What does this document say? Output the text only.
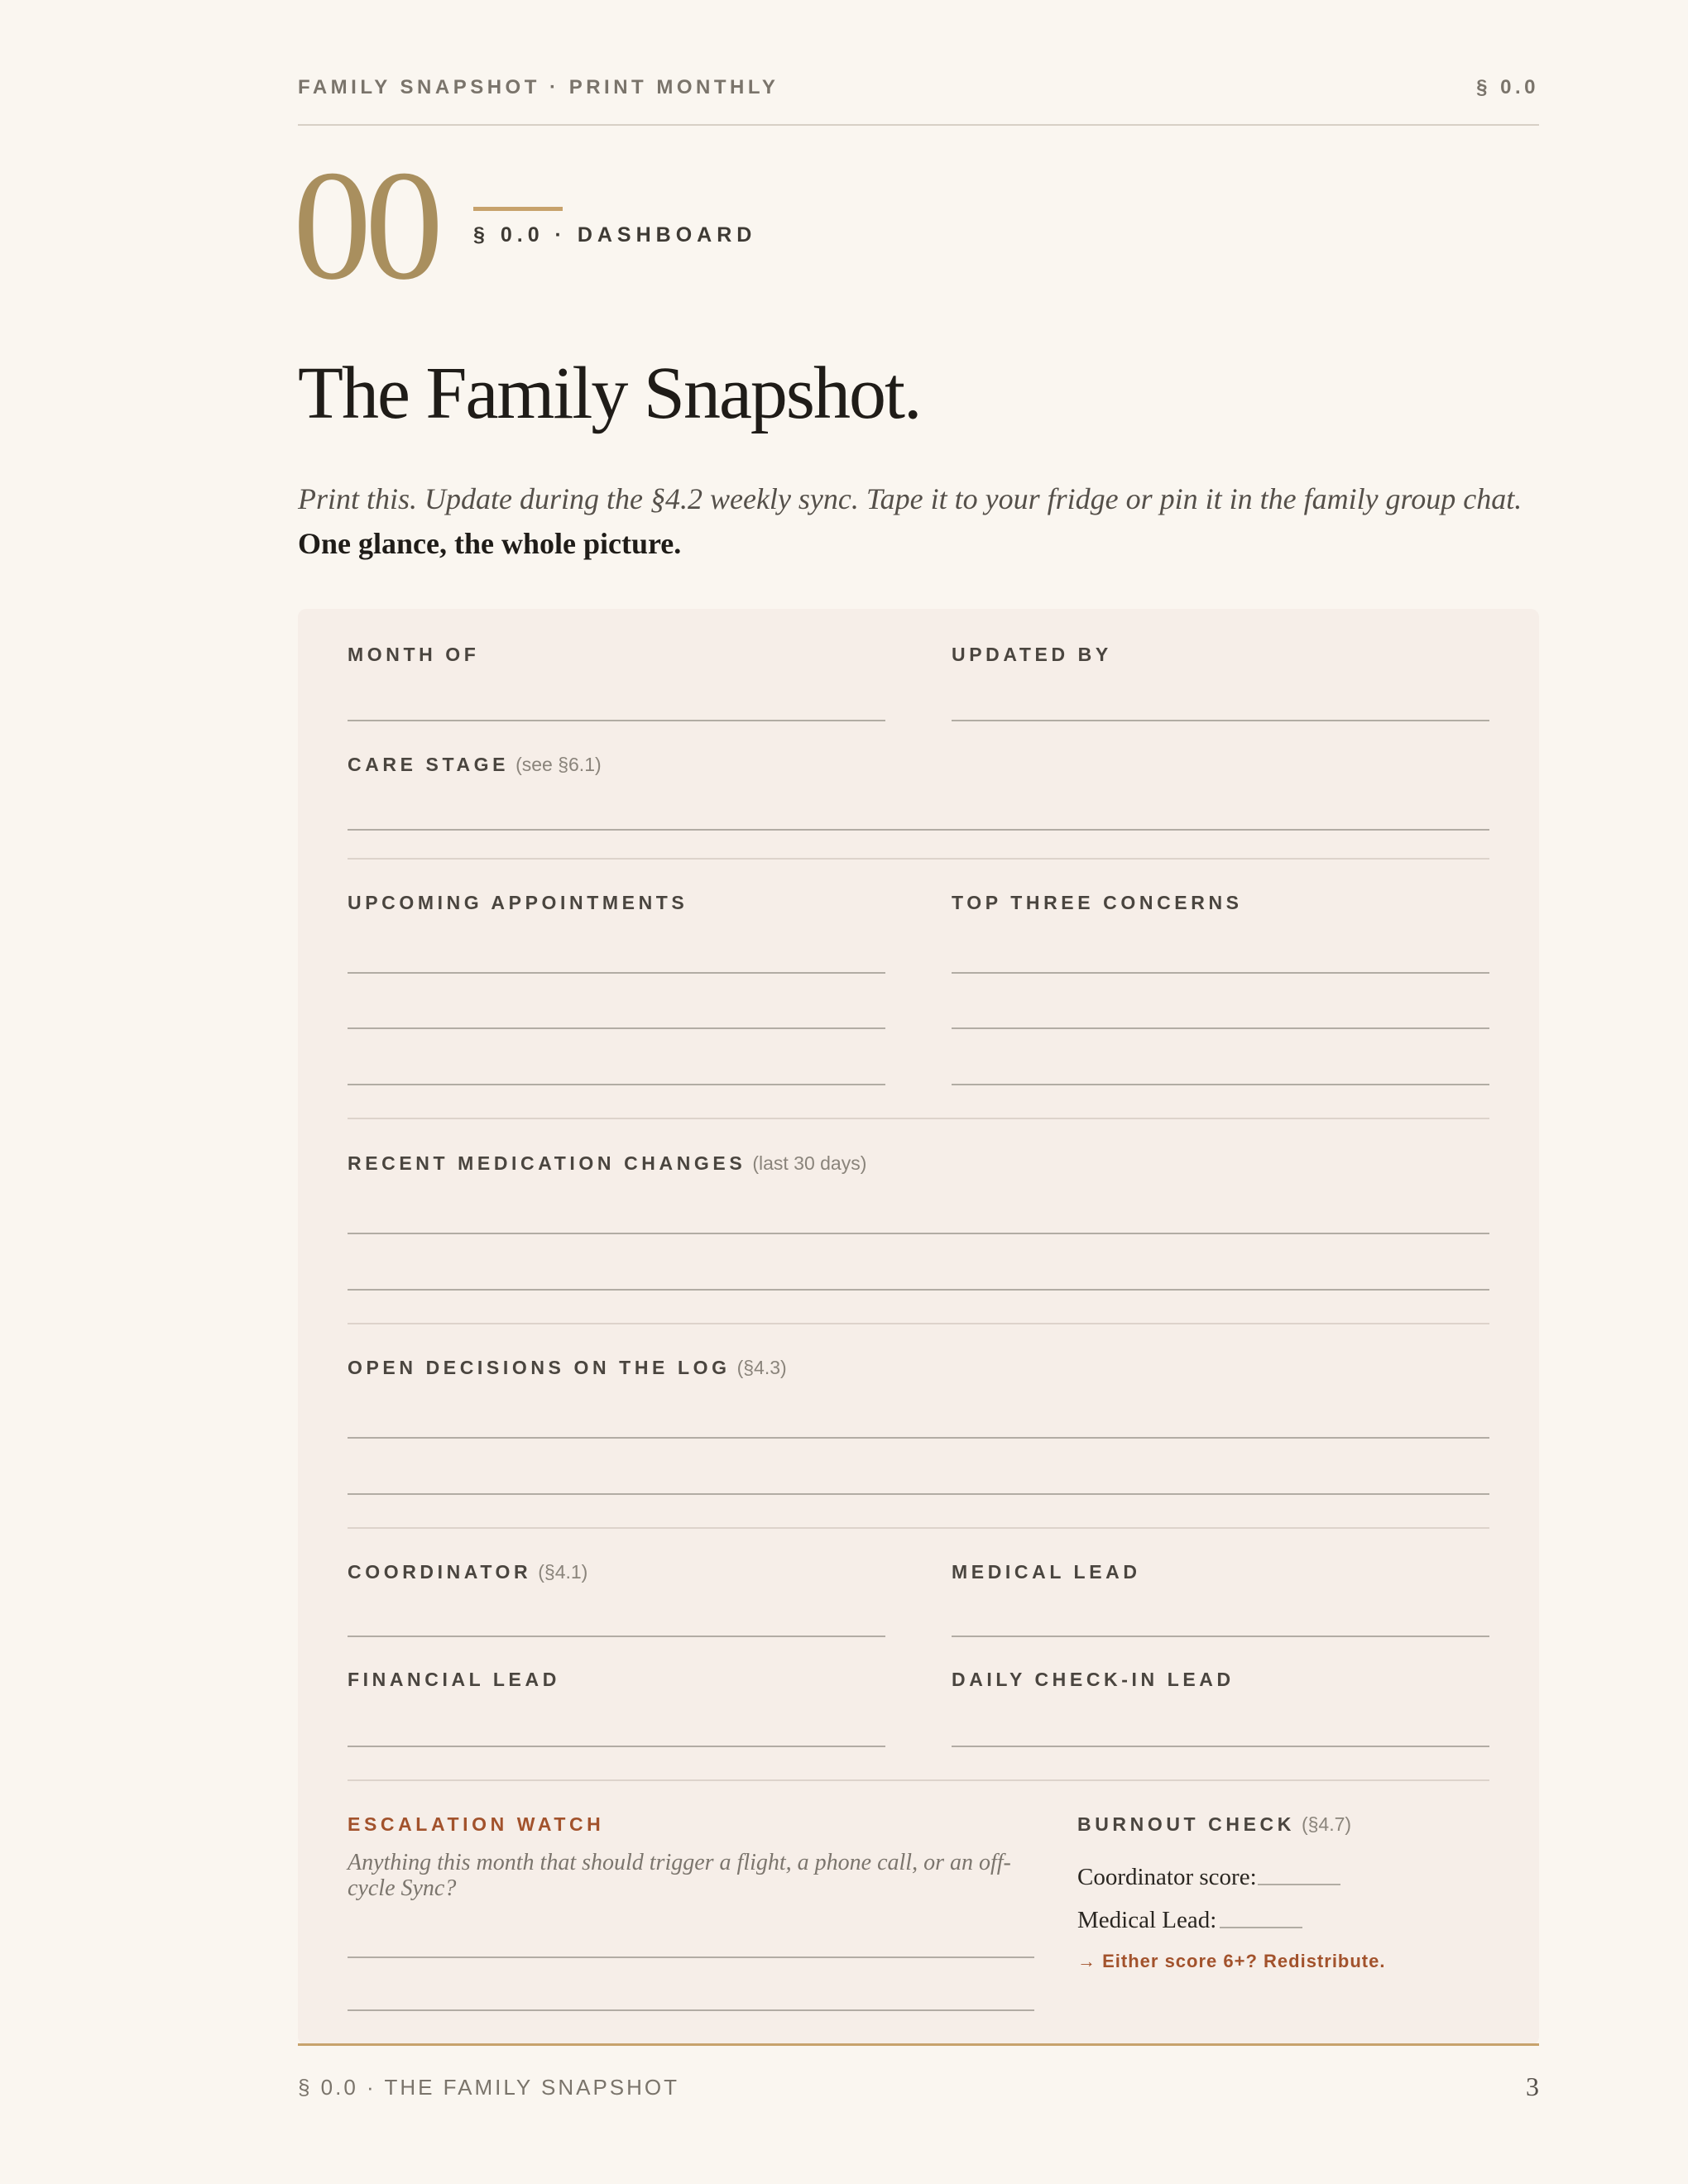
FAMILY SNAPSHOT · PRINT MONTHLY	§ 0.0
00 § 0.0 · DASHBOARD
The Family Snapshot.

Print this. Update during the §4.2 weekly sync. Tape it to your fridge or pin it in the family group chat. One glance, the whole picture.

MONTH OF	UPDATED BY
CARE STAGE (see §6.1)
UPCOMING APPOINTMENTS	TOP THREE CONCERNS
RECENT MEDICATION CHANGES (last 30 days)
OPEN DECISIONS ON THE LOG (§4.3)
COORDINATOR (§4.1)	MEDICAL LEAD
FINANCIAL LEAD	DAILY CHECK-IN LEAD
ESCALATION WATCH
Anything this month that should trigger a flight, a phone call, or an off-cycle Sync?
BURNOUT CHECK (§4.7)
Coordinator score:
Medical Lead:
→ Either score 6+? Redistribute.
§ 0.0 · THE FAMILY SNAPSHOT	3
